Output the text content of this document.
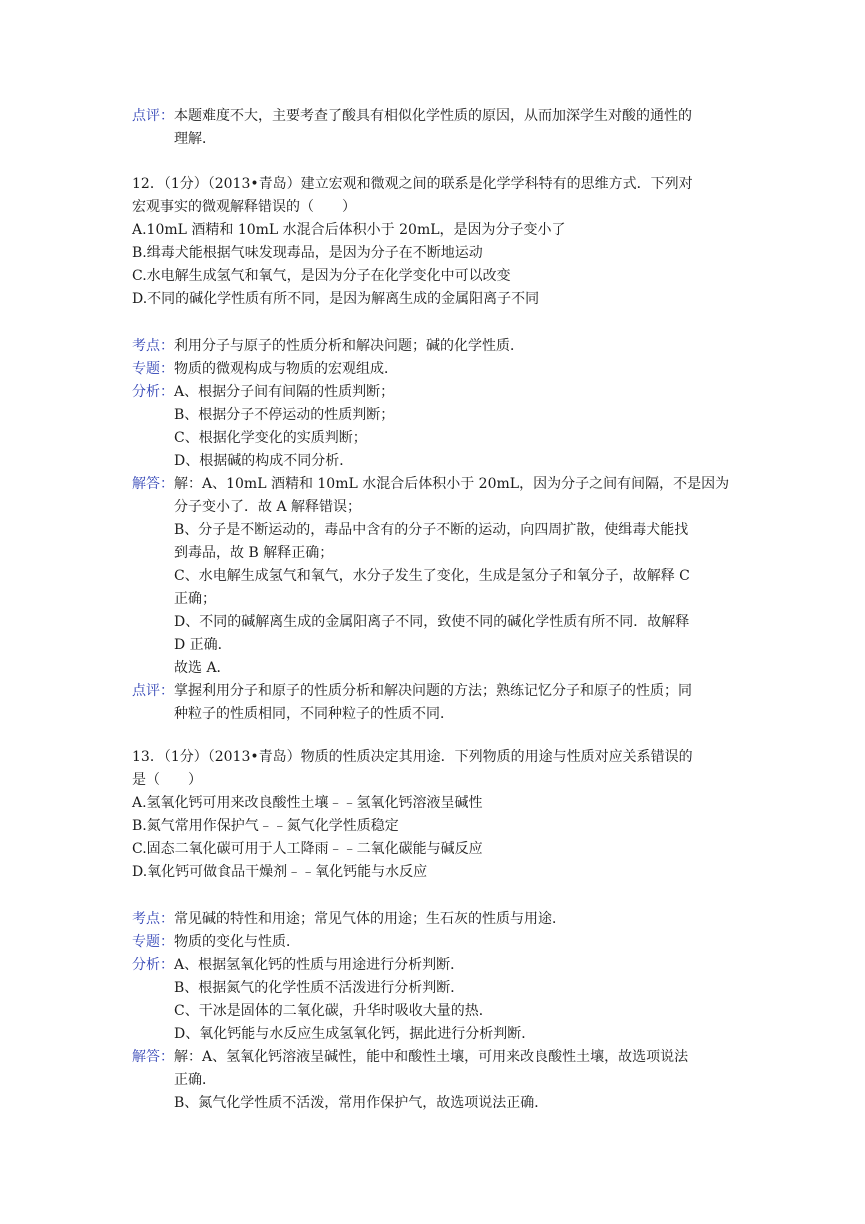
点评： 本题难度不大，主要考查了酸具有相似化学性质的原因，从而加深学生对酸的通性的
理解．
12．（1分）（2013•青岛）建立宏观和微观之间的联系是化学学科特有的思维方式．下列对
宏观事实的微观解释错误的（　　）
A.10mL 酒精和 10mL 水混合后体积小于 20mL，是因为分子变小了
B.缉毒犬能根据气味发现毒品，是因为分子在不断地运动
C.水电解生成氢气和氧气，是因为分子在化学变化中可以改变
D.不同的碱化学性质有所不同，是因为解离生成的金属阳离子不同
考点： 利用分子与原子的性质分析和解决问题；碱的化学性质．
专题： 物质的微观构成与物质的宏观组成．
分析： A、根据分子间有间隔的性质判断；
B、根据分子不停运动的性质判断；
C、根据化学变化的实质判断；
D、根据碱的构成不同分析．
解答： 解：A、10mL 酒精和 10mL 水混合后体积小于 20mL，因为分子之间有间隔，不是因为
分子变小了．故 A 解释错误；
B、分子是不断运动的，毒品中含有的分子不断的运动，向四周扩散，使缉毒犬能找
到毒品，故 B 解释正确；
C、水电解生成氢气和氧气，水分子发生了变化，生成是氢分子和氧分子，故解释 C
正确；
D、不同的碱解离生成的金属阳离子不同，致使不同的碱化学性质有所不同．故解释
D 正确．
故选 A．
点评： 掌握利用分子和原子的性质分析和解决问题的方法；熟练记忆分子和原子的性质；同
种粒子的性质相同，不同种粒子的性质不同．
13．（1分）（2013•青岛）物质的性质决定其用途．下列物质的用途与性质对应关系错误的
是（　　）
A.氢氧化钙可用来改良酸性土壤﹣﹣氢氧化钙溶液呈碱性
B.氮气常用作保护气﹣﹣氮气化学性质稳定
C.固态二氧化碳可用于人工降雨﹣﹣二氧化碳能与碱反应
D.氧化钙可做食品干燥剂﹣﹣氧化钙能与水反应
考点： 常见碱的特性和用途；常见气体的用途；生石灰的性质与用途．
专题： 物质的变化与性质．
分析： A、根据氢氧化钙的性质与用途进行分析判断．
B、根据氮气的化学性质不活泼进行分析判断．
C、干冰是固体的二氧化碳，升华时吸收大量的热．
D、氧化钙能与水反应生成氢氧化钙，据此进行分析判断．
解答： 解：A、氢氧化钙溶液呈碱性，能中和酸性土壤，可用来改良酸性土壤，故选项说法
正确．
B、氮气化学性质不活泼，常用作保护气，故选项说法正确．
